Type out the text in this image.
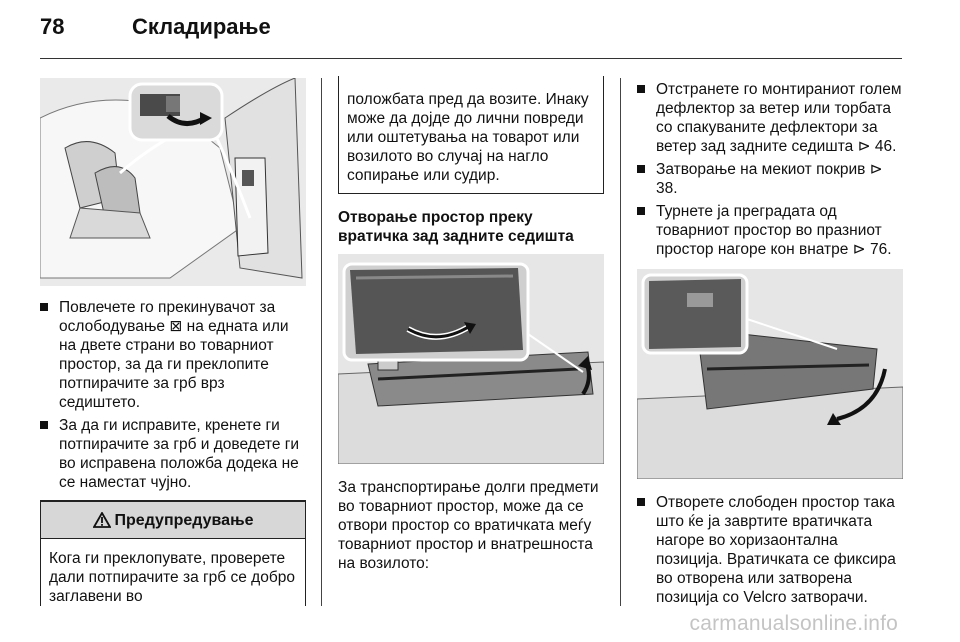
78	Складирање
Повлечете го прекинувачот за ослободување ⊠ на едната или на двете страни во товарниот простор, за да ги преклопите потпирачите за грб врз седиштето.
За да ги исправите, кренете ги потпирачите за грб и доведете ги во исправена положба додека не се наместат чујно.
Предупредување
Кога ги преклопувате, проверете дали потпирачите за грб се добро заглавени во
положбата пред да возите. Инаку може да дојде до лични повреди или оштетувања на товарот или возилото во случај на нагло сопирање или судир.
Отворање простор преку вратичка зад задните седишта
За транспортирање долги предмети во товарниот простор, може да се отвори простор со вратичката меѓу товарниот простор и внатрешноста на возилото:
Отстранете го монтираниот голем дефлектор за ветер или торбата со спакуваните дефлектори за ветер зад задните седишта ⊳ 46.
Затворање на мекиот покрив ⊳ 38.
Турнете ја преградата од товарниот простор во празниот простор нагоре кон внатре ⊳ 76.
Отворете слободен простор така што ќе ја завртите вратичката нагоре во хоризаонтална позиција. Вратичката се фиксира во отворена или затворена позиција со Velcro затворачи.
carmanualsonline.info
